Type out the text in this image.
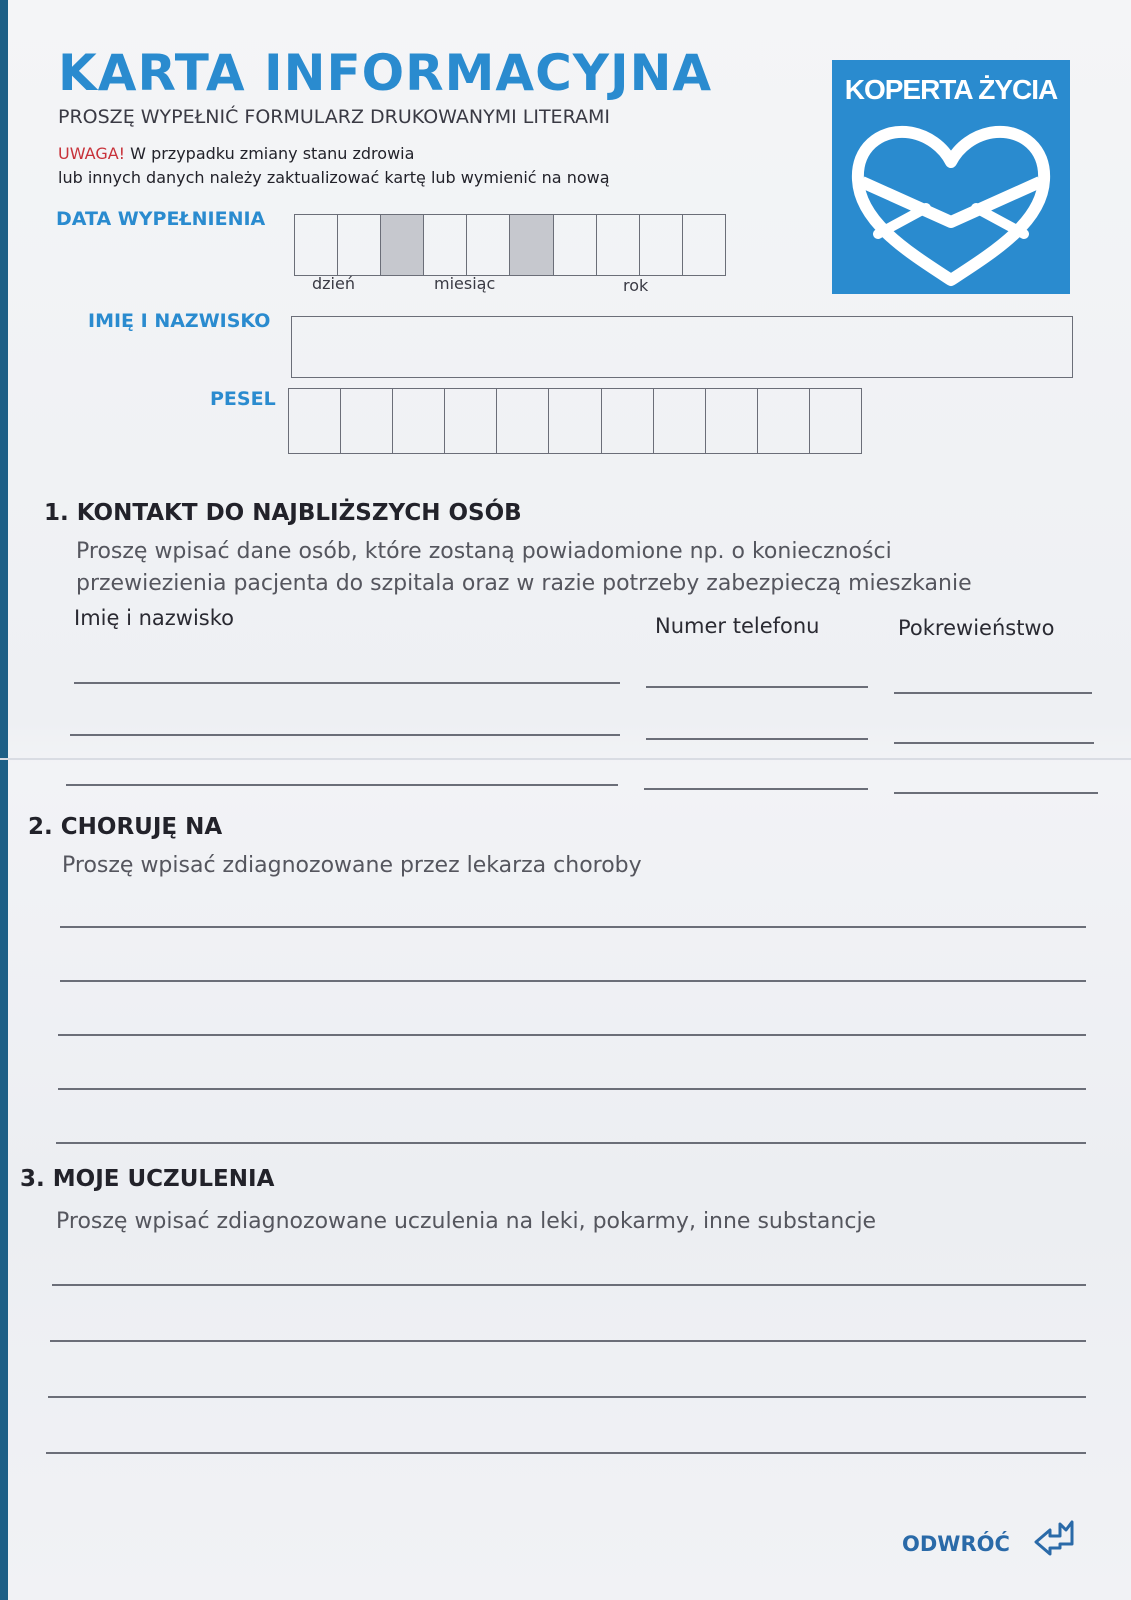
KARTA INFORMACYJNA
PROSZĘ WYPEŁNIĆ FORMULARZ DRUKOWANYMI LITERAMI
UWAGA! W przypadku zmiany stanu zdrowia
lub innych danych należy zaktualizować kartę lub wymienić na nową
KOPERTA ŻYCIA
DATA WYPEŁNIENIA
dzień	miesiąc	rok
IMIĘ I NAZWISKO
PESEL
1. KONTAKT DO NAJBLIŻSZYCH OSÓB
Proszę wpisać dane osób, które zostaną powiadomione np. o konieczności
przewiezienia pacjenta do szpitala oraz w razie potrzeby zabezpieczą mieszkanie
Imię i nazwisko	Numer telefonu	Pokrewieństwo
2. CHORUJĘ NA
Proszę wpisać zdiagnozowane przez lekarza choroby
3. MOJE UCZULENIA
Proszę wpisać zdiagnozowane uczulenia na leki, pokarmy, inne substancje
ODWRÓĆ
